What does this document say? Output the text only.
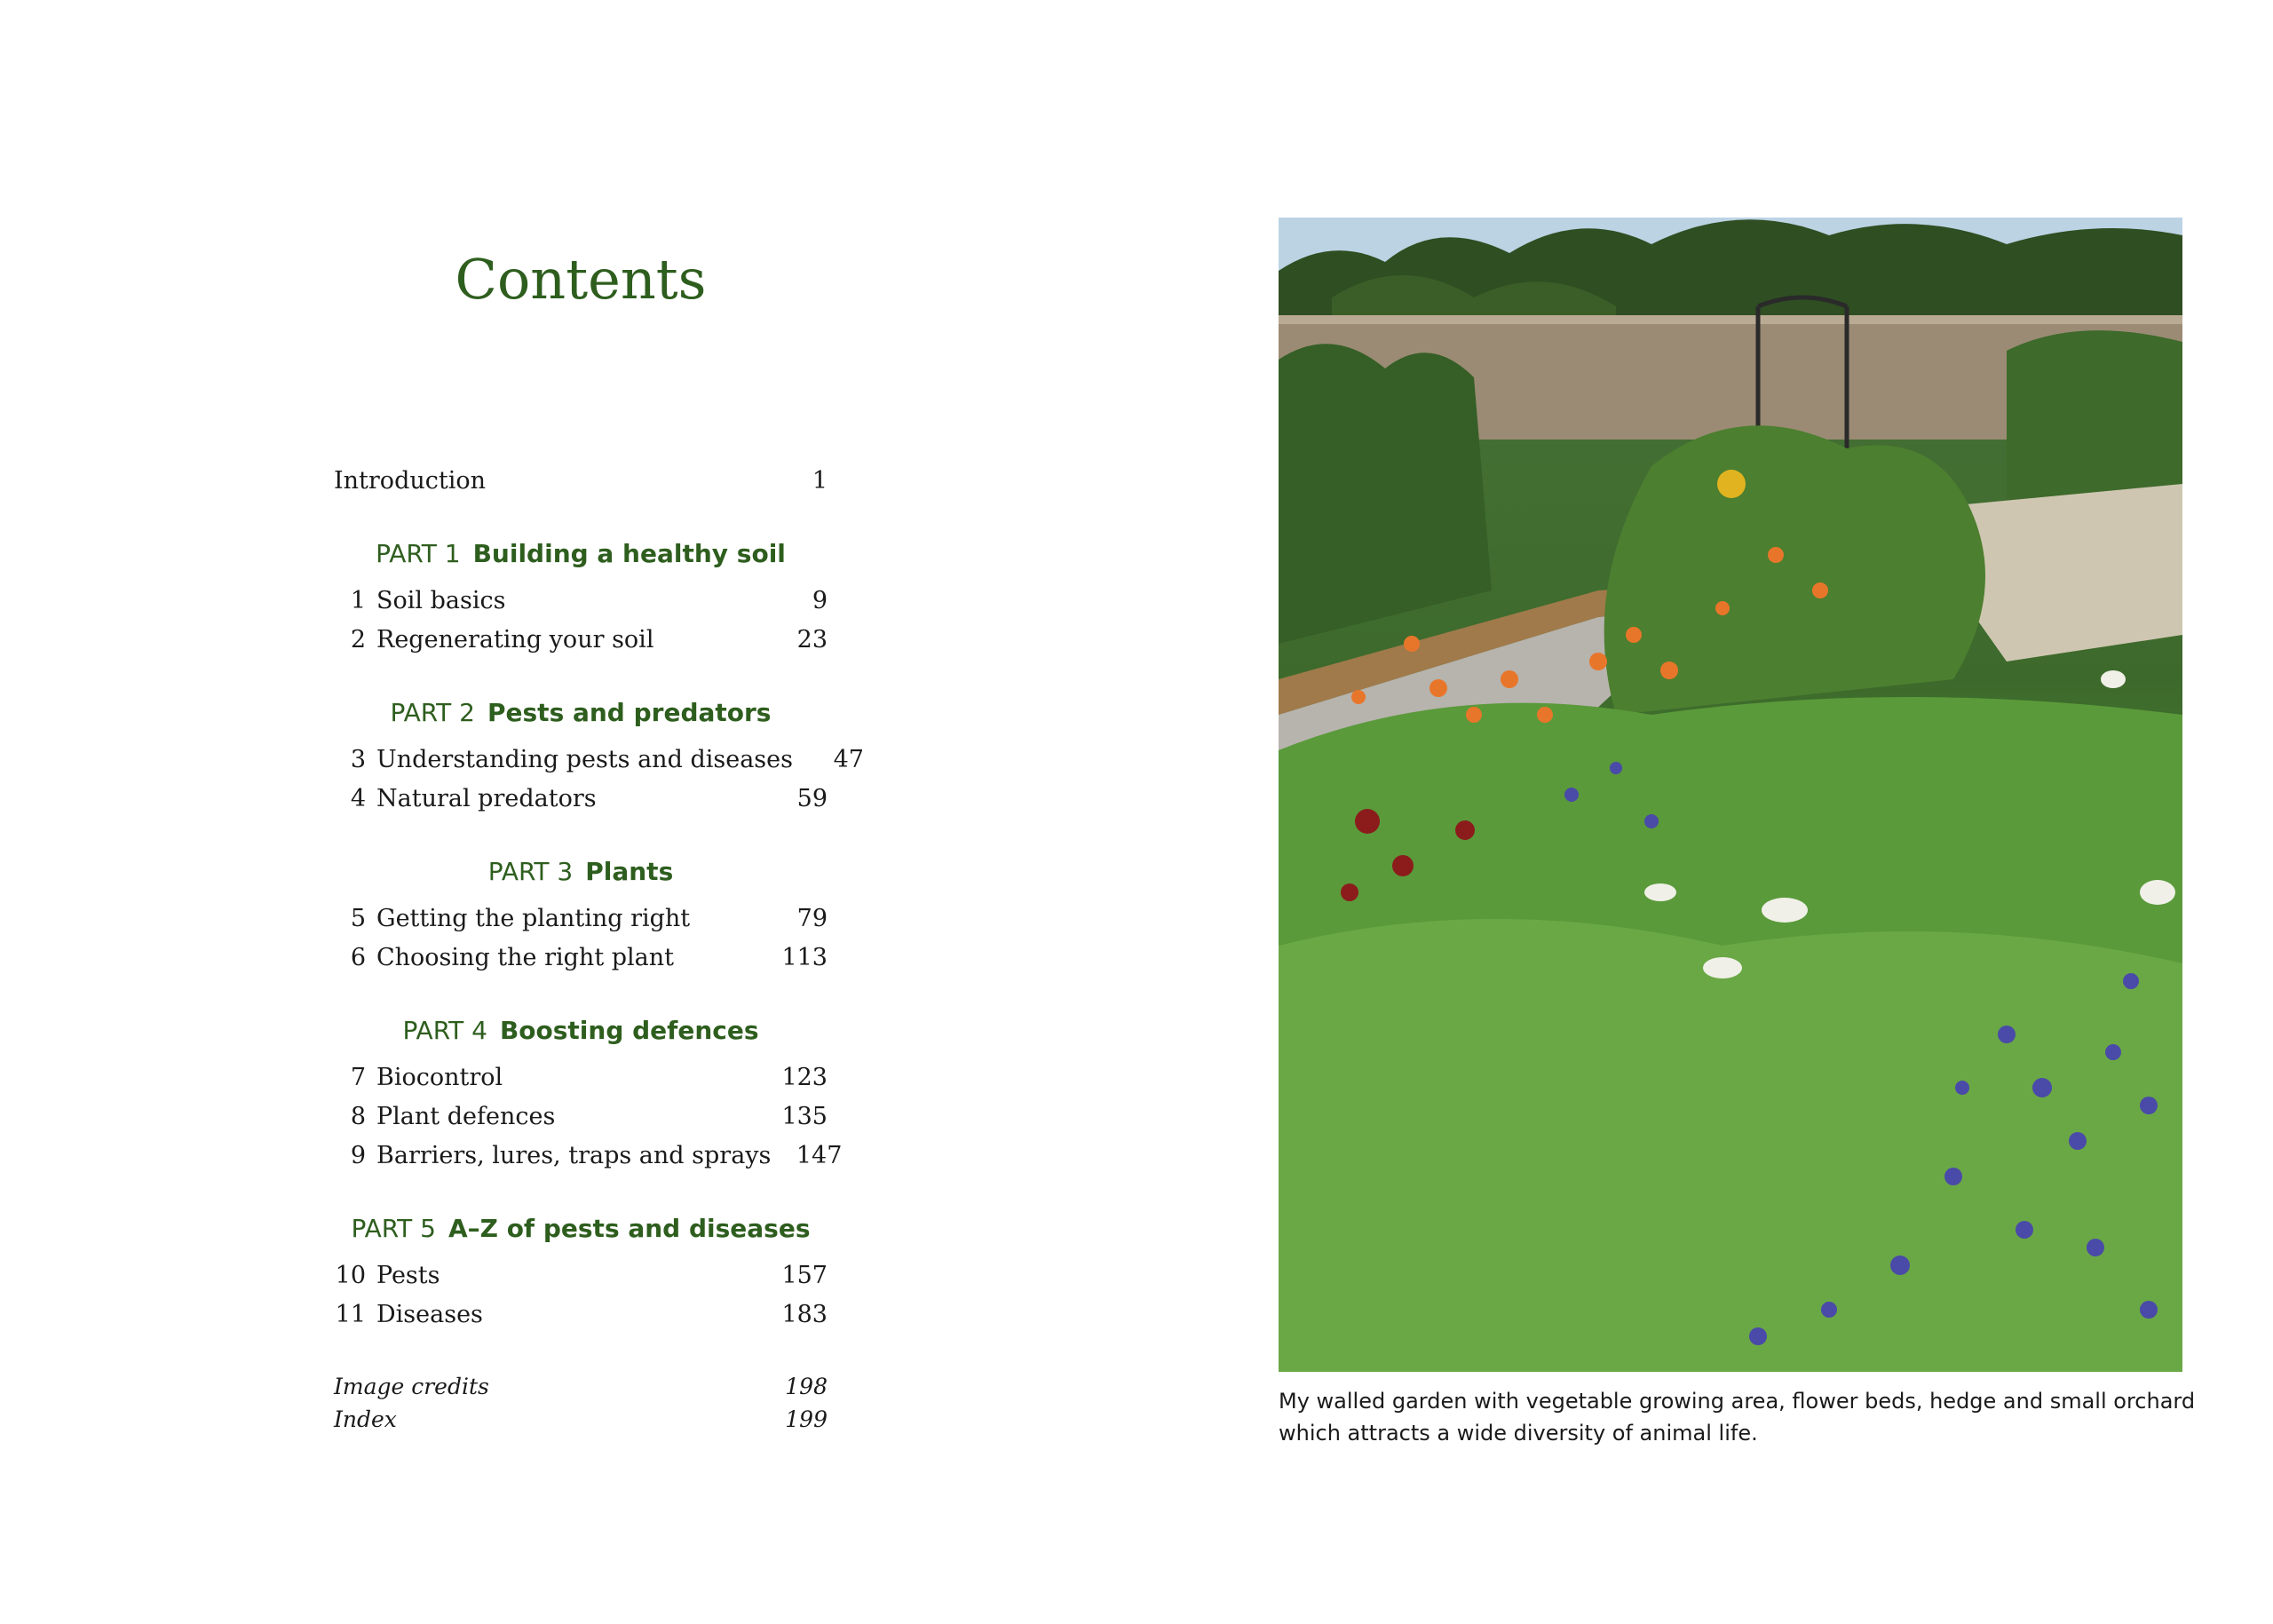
Contents
Introduction	1
PART 1 Building a healthy soil
1 Soil basics	9
2 Regenerating your soil	23
PART 2 Pests and predators
3 Understanding pests and diseases	47
4 Natural predators	59
PART 3 Plants
5 Getting the planting right	79
6 Choosing the right plant	113
PART 4 Boosting defences
7 Biocontrol	123
8 Plant defences	135
9 Barriers, lures, traps and sprays	147
PART 5 A–Z of pests and diseases
10 Pests	157
11 Diseases	183
Image credits	198
Index	199
My walled garden with vegetable growing area, flower beds, hedge and small orchard which attracts a wide diversity of animal life.
